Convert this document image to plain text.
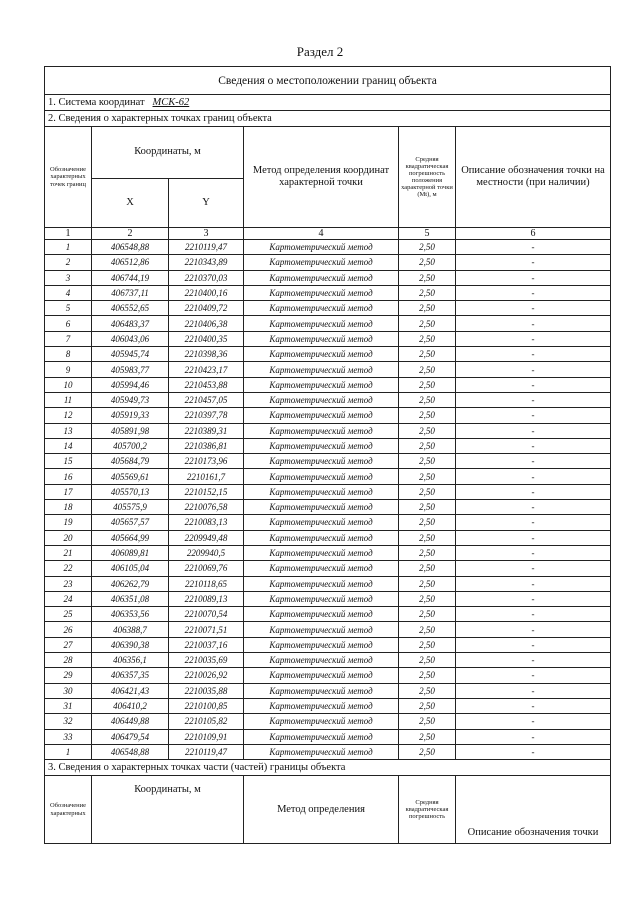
Раздел 2
Сведения о местоположении границ объекта					
1. Система координат МСК-62					
2. Сведения о характерных точках границ объекта					
Обозначение характерных точек границ	Координаты, м		Метод определения координат характерной точки	Средняя квадратическая погрешность положения характерной точки (Mt), м	Описание обозначения точки на местности (при наличии)
	X	Y			
1	2	3	4	5	6
1	406548,88	2210119,47	Картометрический метод	2,50	-
2	406512,86	2210343,89	Картометрический метод	2,50	-
3	406744,19	2210370,03	Картометрический метод	2,50	-
4	406737,11	2210400,16	Картометрический метод	2,50	-
5	406552,65	2210409,72	Картометрический метод	2,50	-
6	406483,37	2210406,38	Картометрический метод	2,50	-
7	406043,06	2210400,35	Картометрический метод	2,50	-
8	405945,74	2210398,36	Картометрический метод	2,50	-
9	405983,77	2210423,17	Картометрический метод	2,50	-
10	405994,46	2210453,88	Картометрический метод	2,50	-
11	405949,73	2210457,05	Картометрический метод	2,50	-
12	405919,33	2210397,78	Картометрический метод	2,50	-
13	405891,98	2210389,31	Картометрический метод	2,50	-
14	405700,2	2210386,81	Картометрический метод	2,50	-
15	405684,79	2210173,96	Картометрический метод	2,50	-
16	405569,61	2210161,7	Картометрический метод	2,50	-
17	405570,13	2210152,15	Картометрический метод	2,50	-
18	405575,9	2210076,58	Картометрический метод	2,50	-
19	405657,57	2210083,13	Картометрический метод	2,50	-
20	405664,99	2209949,48	Картометрический метод	2,50	-
21	406089,81	2209940,5	Картометрический метод	2,50	-
22	406105,04	2210069,76	Картометрический метод	2,50	-
23	406262,79	2210118,65	Картометрический метод	2,50	-
24	406351,08	2210089,13	Картометрический метод	2,50	-
25	406353,56	2210070,54	Картометрический метод	2,50	-
26	406388,7	2210071,51	Картометрический метод	2,50	-
27	406390,38	2210037,16	Картометрический метод	2,50	-
28	406356,1	2210035,69	Картометрический метод	2,50	-
29	406357,35	2210026,92	Картометрический метод	2,50	-
30	406421,43	2210035,88	Картометрический метод	2,50	-
31	406410,2	2210100,85	Картометрический метод	2,50	-
32	406449,88	2210105,82	Картометрический метод	2,50	-
33	406479,54	2210109,91	Картометрический метод	2,50	-
1	406548,88	2210119,47	Картометрический метод	2,50	-
3. Сведения о характерных точках части (частей) границы объекта					
Обозначение характерных	Координаты, м		Метод определения	Средняя квадратическая погрешность	Описание обозначения точки
